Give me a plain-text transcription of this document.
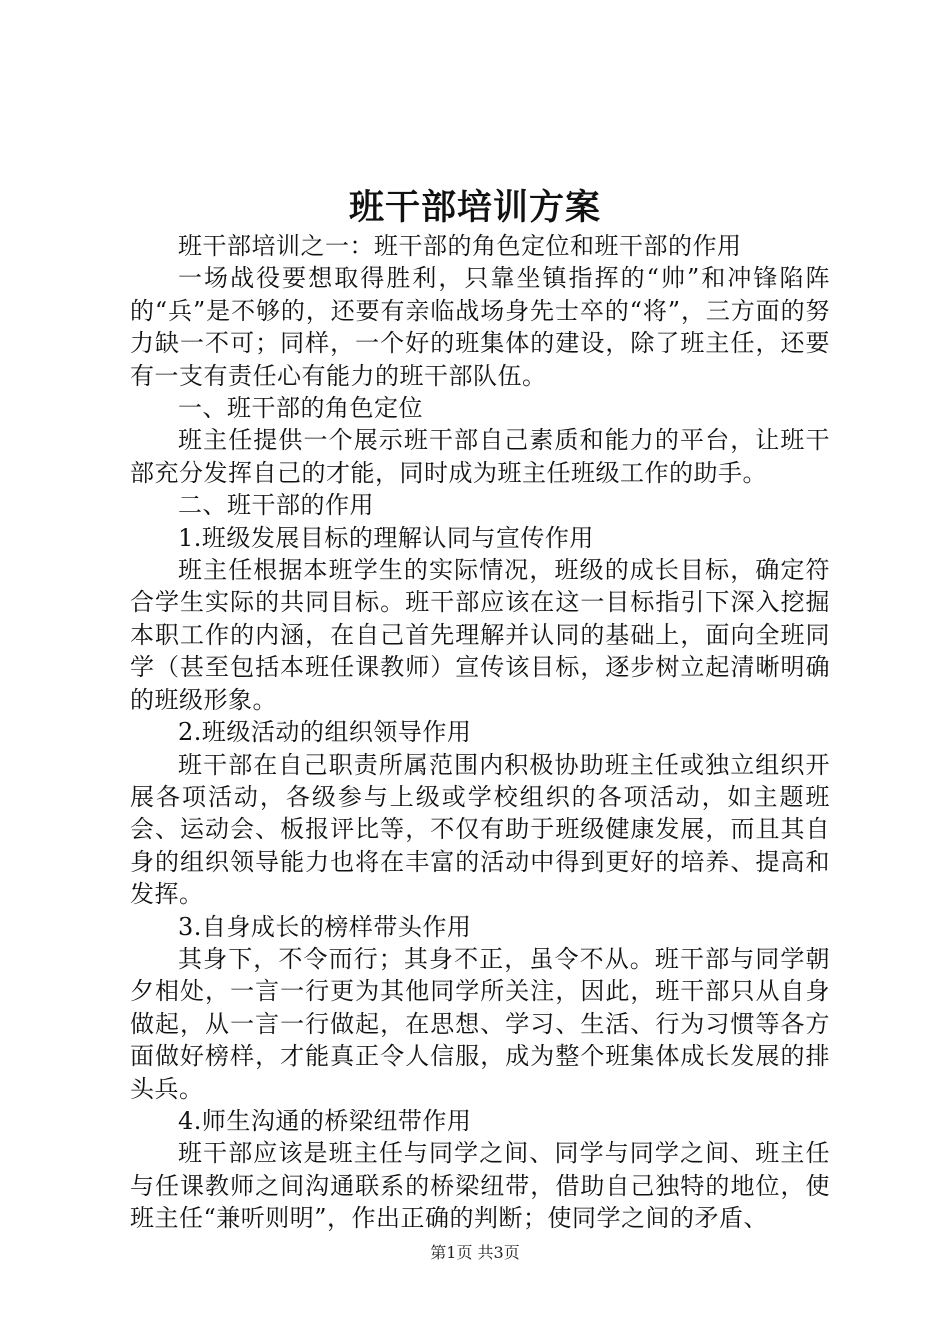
班干部培训方案

班干部培训之一：班干部的角色定位和班干部的作用

一场战役要想取得胜利，只靠坐镇指挥的“帅”和冲锋陷阵的“兵”是不够的，还要有亲临战场身先士卒的“将”，三方面的努力缺一不可；同样，一个好的班集体的建设，除了班主任，还要有一支有责任心有能力的班干部队伍。

一、班干部的角色定位

班主任提供一个展示班干部自己素质和能力的平台，让班干部充分发挥自己的才能，同时成为班主任班级工作的助手。

二、班干部的作用

1.班级发展目标的理解认同与宣传作用

班主任根据本班学生的实际情况，班级的成长目标，确定符合学生实际的共同目标。班干部应该在这一目标指引下深入挖掘本职工作的内涵，在自己首先理解并认同的基础上，面向全班同学（甚至包括本班任课教师）宣传该目标，逐步树立起清晰明确的班级形象。

2.班级活动的组织领导作用

班干部在自己职责所属范围内积极协助班主任或独立组织开展各项活动，各级参与上级或学校组织的各项活动，如主题班会、运动会、板报评比等，不仅有助于班级健康发展，而且其自身的组织领导能力也将在丰富的活动中得到更好的培养、提高和发挥。

3.自身成长的榜样带头作用

其身下，不令而行；其身不正，虽令不从。班干部与同学朝夕相处，一言一行更为其他同学所关注，因此，班干部只从自身做起，从一言一行做起，在思想、学习、生活、行为习惯等各方面做好榜样，才能真正令人信服，成为整个班集体成长发展的排头兵。

4.师生沟通的桥梁纽带作用

班干部应该是班主任与同学之间、同学与同学之间、班主任与任课教师之间沟通联系的桥梁纽带，借助自己独特的地位，使班主任“兼听则明”，作出正确的判断；使同学之间的矛盾、

第1页 共3页
